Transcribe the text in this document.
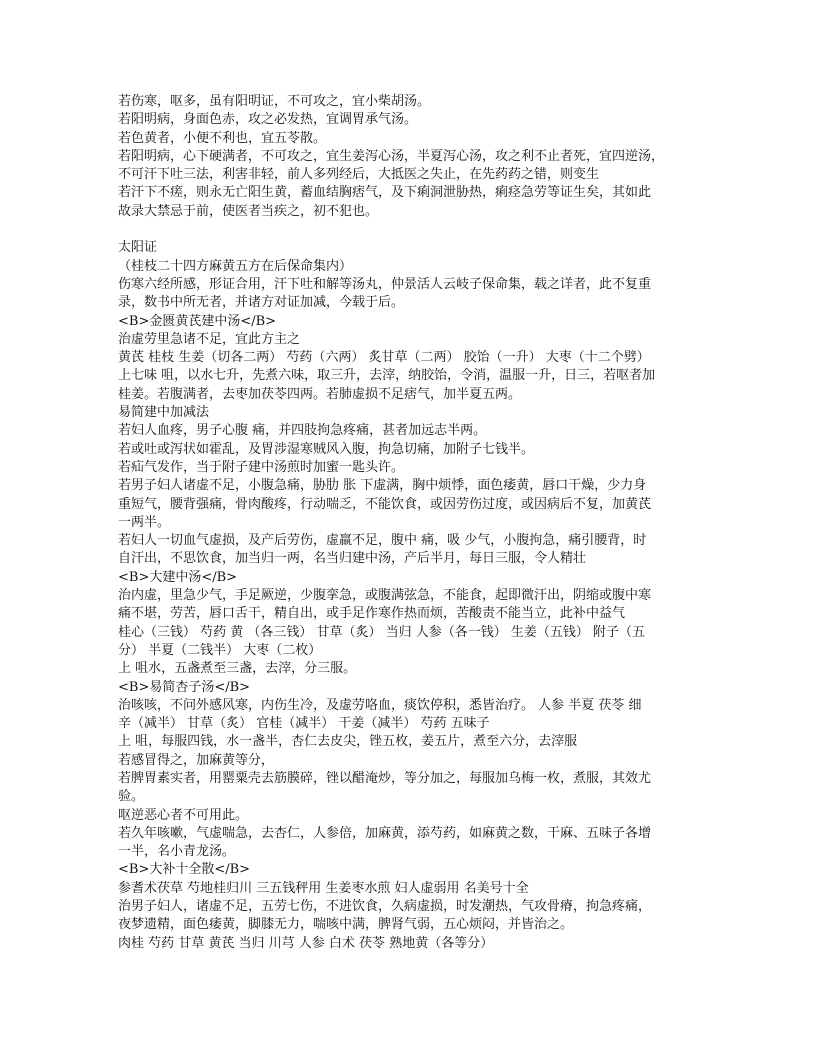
若伤寒，呕多，虽有阳明证，不可攻之，宜小柴胡汤。
若阳明病，身面色赤，攻之必发热，宜调胃承气汤。
若色黄者，小便不利也，宜五苓散。
若阳明病，心下硬满者，不可攻之，宜生姜泻心汤，半夏泻心汤，攻之利不止者死，宜四逆汤，
不可汗下吐三法，利害非轻，前人多列经后，大抵医之失止，在先药药之错，则变生
若汗下不瘥，则永无亡阳生黄，蓄血结胸痞气，及下痢洞泄胁热，痢痉急劳等证生矣，其如此
故录大禁忌于前，使医者当疾之，初不犯也。
太阳证
（桂枝二十四方麻黄五方在后保命集内）
伤寒六经所感，形证合用，汗下吐和解等汤丸，仲景活人云岐子保命集，载之详者，此不复重
录，数书中所无者，并诸方对证加减，今载于后。
<B>金匮黄芪建中汤</B>
治虚劳里急诸不足，宜此方主之
黄芪 桂枝 生姜（切各二两） 芍药（六两） 炙甘草（二两） 胶饴（一升） 大枣（十二个劈）
上七味 咀，以水七升，先煮六味，取三升，去滓，纳胶饴，令消，温服一升，日三，若呕者加
桂姜。若腹满者，去枣加茯苓四两。若肺虚损不足痞气，加半夏五两。
易简建中加减法
若妇人血疼，男子心腹 痛，并四肢拘急疼痛，甚者加远志半两。
若或吐或泻状如霍乱，及胃涉湿寒贼风入腹，拘急切痛，加附子七钱半。
若疝气发作，当于附子建中汤煎时加蜜一匙头许。
若男子妇人诸虚不足，小腹急痛，胁肋 胀 下虚满，胸中烦悸，面色痿黄，唇口干燥，少力身
重短气，腰背强痛，骨肉酸疼，行动喘乏，不能饮食，或因劳伤过度，或因病后不复，加黄芪
一两半。
若妇人一切血气虚损，及产后劳伤，虚羸不足，腹中 痛，吸 少气，小腹拘急，痛引腰背，时
自汗出，不思饮食，加当归一两，名当归建中汤，产后半月，每日三服，令人精壮
<B>大建中汤</B>
治内虚，里急少气，手足厥逆，少腹挛急，或腹满弦急，不能食，起即微汗出，阴缩或腹中寒
痛不堪，劳苦，唇口舌干，精自出，或手足作寒作热而烦，苦酸责不能当立，此补中益气
桂心（三钱） 芍药 黄 （各三钱） 甘草（炙） 当归 人参（各一钱） 生姜（五钱） 附子（五
分） 半夏（二钱半） 大枣（二枚）
上 咀水，五盏煮至三盏，去滓，分三服。
<B>易简杏子汤</B>
治咳咳，不问外感风寒，内伤生冷，及虚劳咯血，痰饮停积，悉皆治疗。 人参 半夏 茯苓 细
辛（减半） 甘草（炙） 官桂（减半） 干姜（减半） 芍药 五味子
上 咀，每服四钱，水一盏半，杏仁去皮尖，锉五枚，姜五片，煮至六分，去滓服
若感冒得之，加麻黄等分，
若脾胃素实者，用罂粟壳去筋膜碎，锉以醋淹炒，等分加之，每服加乌梅一枚，煮服，其效尤
验。
呕逆恶心者不可用此。
若久年咳嗽，气虚喘急，去杏仁，人参倍，加麻黄，添芍药，如麻黄之数，干麻、五味子各增
一半，名小青龙汤。
<B>大补十全散</B>
参耆术茯草 芍地桂归川 三五钱秤用 生姜枣水煎 妇人虚弱用 名美号十全
治男子妇人，诸虚不足，五劳七伤，不进饮食，久病虚损，时发潮热，气攻骨瘠，拘急疼痛，
夜梦遗精，面色痿黄，脚膝无力，喘咳中满，脾肾气弱，五心烦闷，并皆治之。
肉桂 芍药 甘草 黄芪 当归 川芎 人参 白术 茯苓 熟地黄（各等分）
